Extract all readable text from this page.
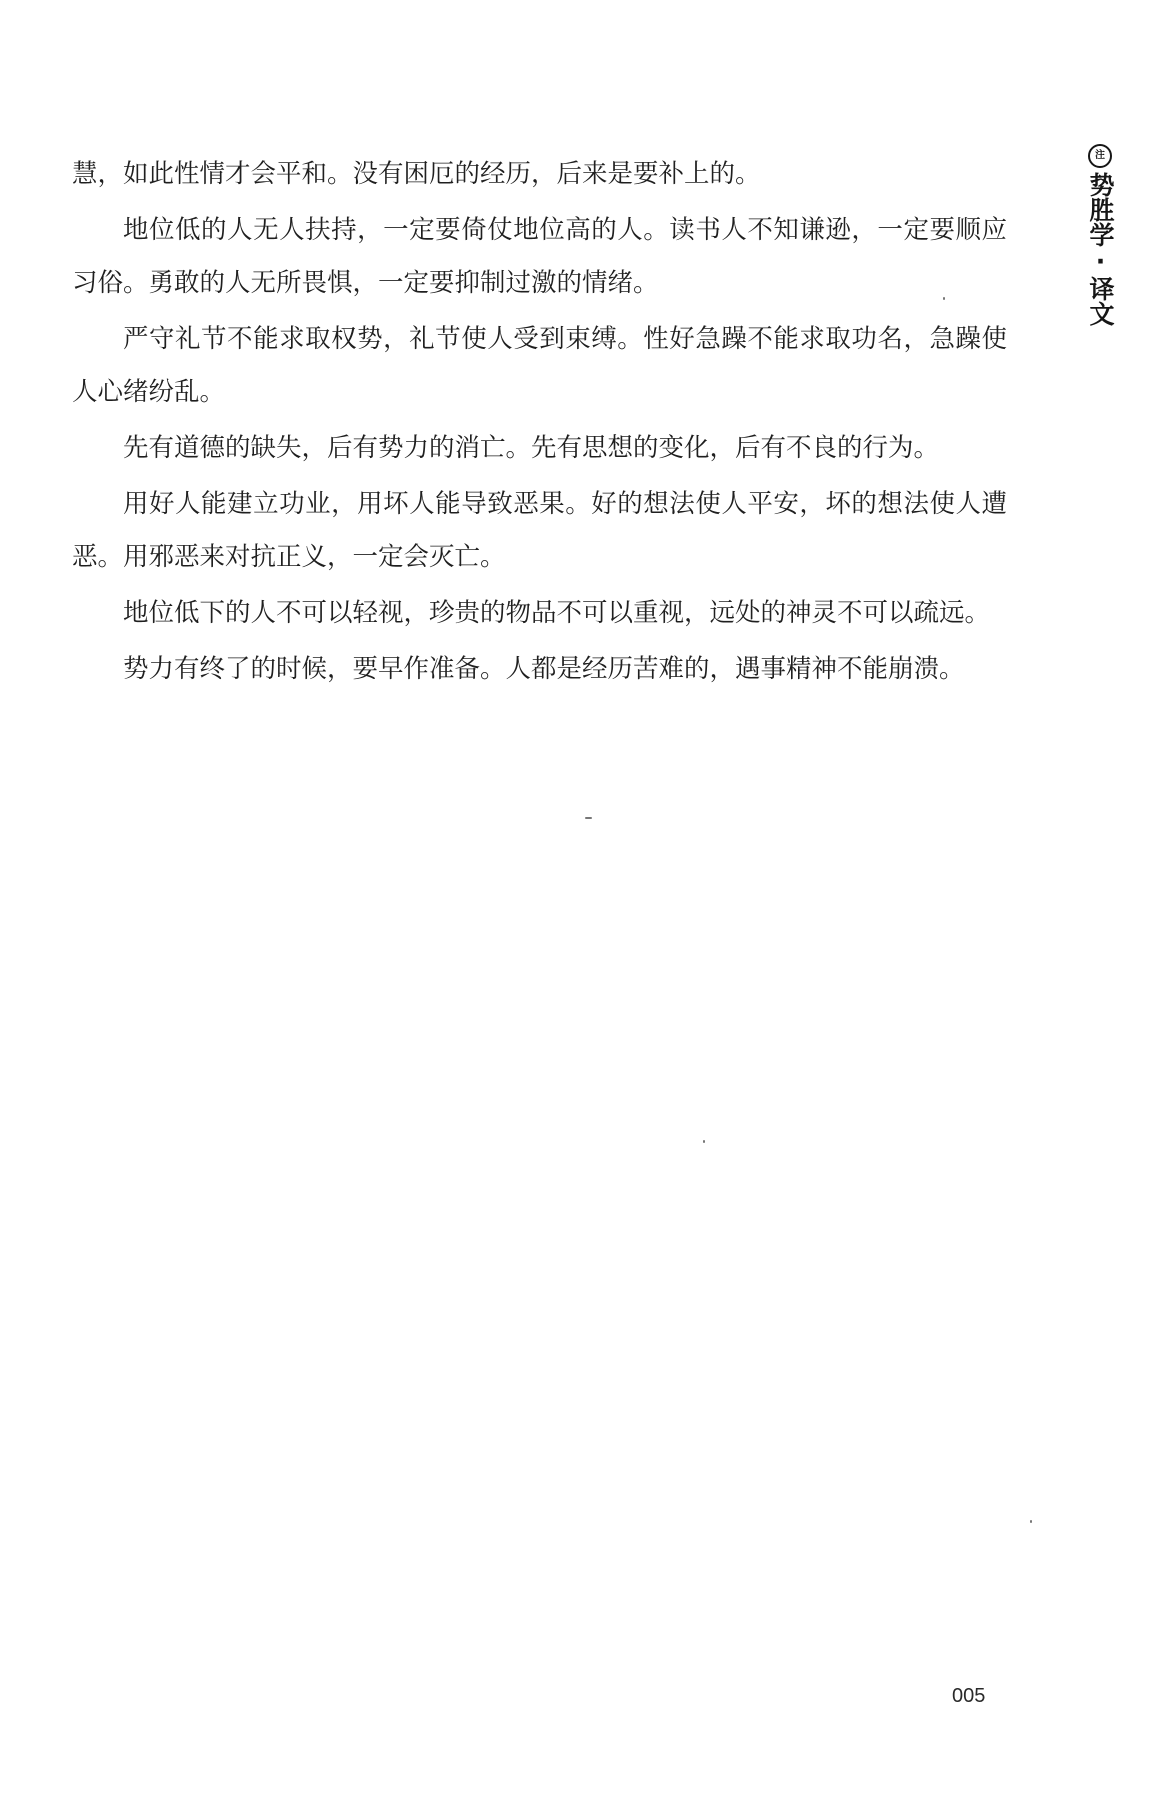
注
势胜学·译文

慧，如此性情才会平和。没有困厄的经历，后来是要补上的。

地位低的人无人扶持，一定要倚仗地位高的人。读书人不知谦逊，一定要顺应习俗。勇敢的人无所畏惧，一定要抑制过激的情绪。

严守礼节不能求取权势，礼节使人受到束缚。性好急躁不能求取功名，急躁使人心绪纷乱。

先有道德的缺失，后有势力的消亡。先有思想的变化，后有不良的行为。

用好人能建立功业，用坏人能导致恶果。好的想法使人平安，坏的想法使人遭恶。用邪恶来对抗正义，一定会灭亡。

地位低下的人不可以轻视，珍贵的物品不可以重视，远处的神灵不可以疏远。

势力有终了的时候，要早作准备。人都是经历苦难的，遇事精神不能崩溃。

005
